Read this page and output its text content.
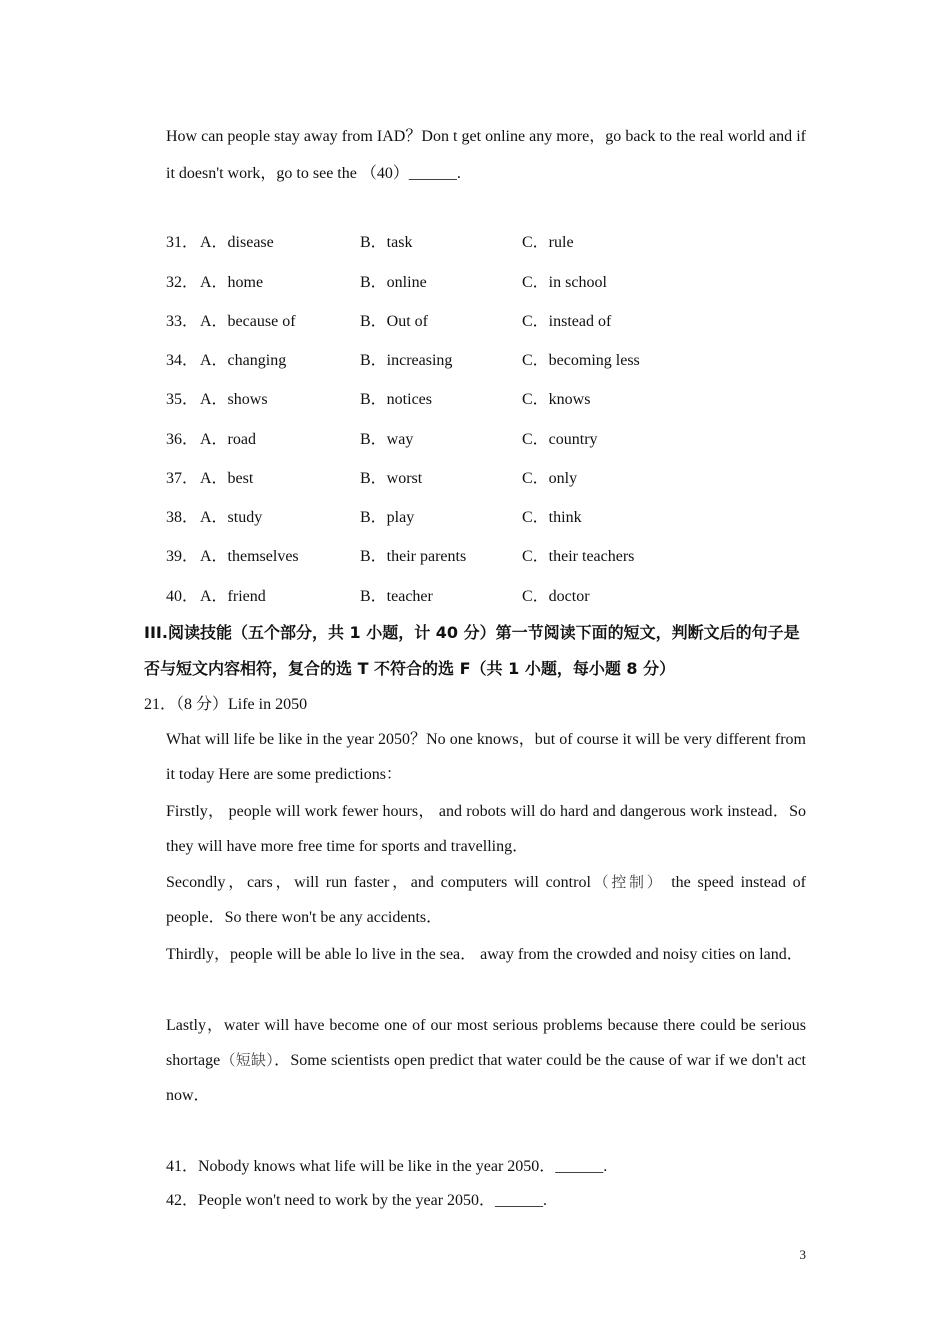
How can people stay away from IAD？Don t get online any more，go back to the real world and if it doesn't work，go to see the （40）______.
31． A．disease	B．task	C．rule
32． A．home	B．online	C．in school
33． A．because of	B．Out of	C．instead of
34． A．changing	B．increasing	C．becoming less
35． A．shows	B．notices	C．knows
36． A．road	B．way	C．country
37． A．best	B．worst	C．only
38． A．study	B．play	C．think
39． A．themselves	B．their parents	C．their teachers
40． A．friend	B．teacher	C．doctor
III.阅读技能（五个部分，共 1 小题，计 40 分）第一节阅读下面的短文，判断文后的句子是否与短文内容相符，复合的选 T 不符合的选 F（共 1 小题，每小题 8 分）
21．（8 分）Life in 2050
What will life be like in the year 2050？No one knows，but of course it will be very different from it today Here are some predictions：
Firstly， people will work fewer hours， and robots will do hard and dangerous work instead．So they will have more free time for sports and travelling．
Secondly，cars，will run faster，and computers will control（控制） the speed instead of people．So there won't be any accidents．
Thirdly，people will be able lo live in the sea． away from the crowded and noisy cities on land．
Lastly，water will have become one of our most serious problems because there could be serious shortage（短缺）．Some scientists open predict that water could be the cause of war if we don't act now．
41．Nobody knows what life will be like in the year 2050．______.
42．People won't need to work by the year 2050．______.
3
